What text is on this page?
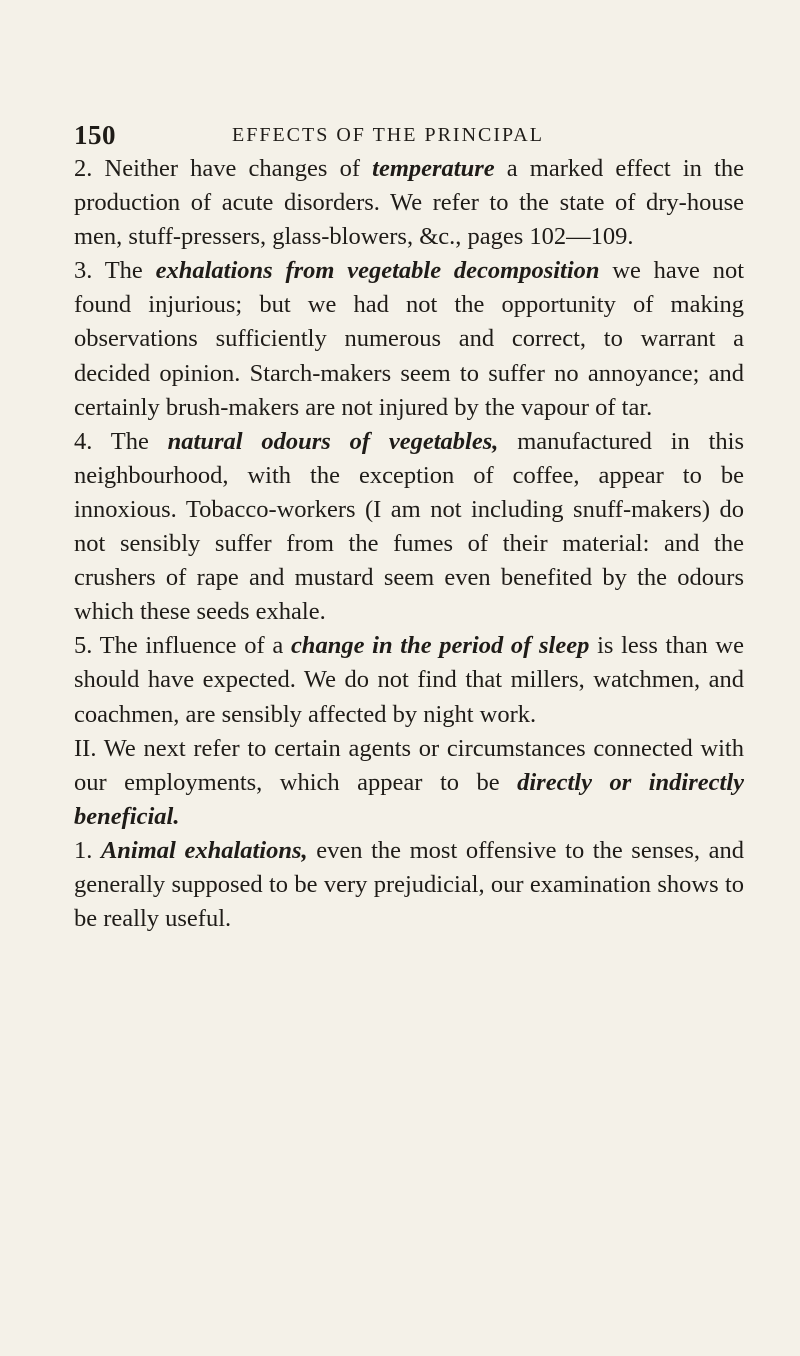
150	EFFECTS OF THE PRINCIPAL

2. Neither have changes of temperature a marked effect in the production of acute disorders. We refer to the state of dry-house men, stuff-pressers, glass-blowers, &c., pages 102—109.

3. The exhalations from vegetable decomposition we have not found injurious; but we had not the opportunity of making observations sufficiently numerous and correct, to warrant a decided opinion. Starch-makers seem to suffer no annoyance; and certainly brush-makers are not injured by the vapour of tar.

4. The natural odours of vegetables, manufactured in this neighbourhood, with the exception of coffee, appear to be innoxious. Tobacco-workers (I am not including snuff-makers) do not sensibly suffer from the fumes of their material: and the crushers of rape and mustard seem even benefited by the odours which these seeds exhale.

5. The influence of a change in the period of sleep is less than we should have expected. We do not find that millers, watchmen, and coachmen, are sensibly affected by night work.

II. We next refer to certain agents or circumstances connected with our employments, which appear to be directly or indirectly beneficial.

1. Animal exhalations, even the most offensive to the senses, and generally supposed to be very prejudicial, our examination shows to be really useful.
